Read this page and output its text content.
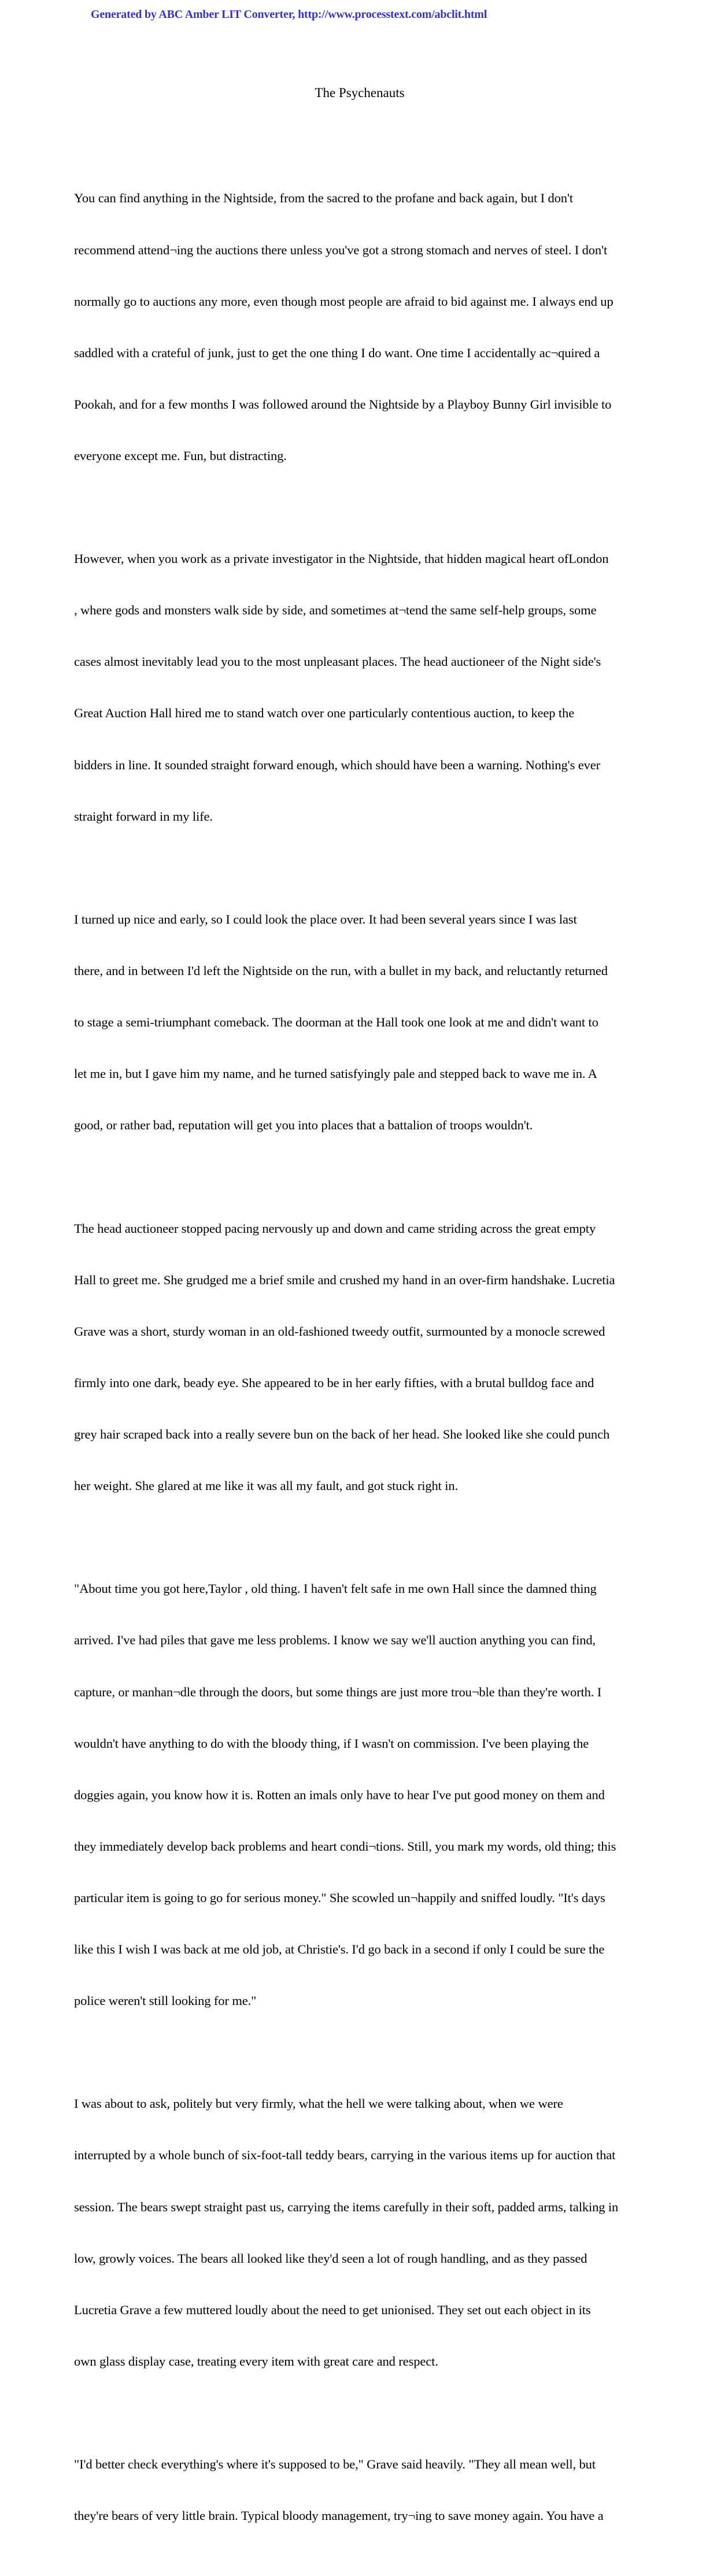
Generated by ABC Amber LIT Converter, http://www.processtext.com/abclit.html
The Psychenauts

You can find anything in the Nightside, from the sacred to the profane and back again, but I don't

recommend attend¬ing the auctions there unless you've got a strong stomach and nerves of steel. I don't

normally go to auctions any more, even though most people are afraid to bid against me. I always end up

saddled with a crateful of junk, just to get the one thing I do want. One time I accidentally ac¬quired a

Pookah, and for a few months I was followed around the Nightside by a Playboy Bunny Girl invisible to

everyone except me. Fun, but distracting.

However, when you work as a private investigator in the Nightside, that hidden magical heart ofLondon

, where gods and monsters walk side by side, and sometimes at¬tend the same self-help groups, some

cases almost inevitably lead you to the most unpleasant places. The head auctioneer of the Night side's

Great Auction Hall hired me to stand watch over one particularly contentious auction, to keep the

bidders in line. It sounded straight forward enough, which should have been a warning. Nothing's ever

straight forward in my life.

I turned up nice and early, so I could look the place over. It had been several years since I was last

there, and in between I'd left the Nightside on the run, with a bullet in my back, and reluctantly returned

to stage a semi-triumphant comeback. The doorman at the Hall took one look at me and didn't want to

let me in, but I gave him my name, and he turned satisfyingly pale and stepped back to wave me in. A

good, or rather bad, reputation will get you into places that a battalion of troops wouldn't.

The head auctioneer stopped pacing nervously up and down and came striding across the great empty

Hall to greet me. She grudged me a brief smile and crushed my hand in an over-firm handshake. Lucretia

Grave was a short, sturdy woman in an old-fashioned tweedy outfit, surmounted by a monocle screwed

firmly into one dark, beady eye. She appeared to be in her early fifties, with a brutal bulldog face and

grey hair scraped back into a really severe bun on the back of her head. She looked like she could punch

her weight. She glared at me like it was all my fault, and got stuck right in.

"About time you got here,Taylor , old thing. I haven't felt safe in me own Hall since the damned thing

arrived. I've had piles that gave me less problems. I know we say we'll auction anything you can find,

capture, or manhan¬dle through the doors, but some things are just more trou¬ble than they're worth. I

wouldn't have anything to do with the bloody thing, if I wasn't on commission. I've been playing the

doggies again, you know how it is. Rotten an imals only have to hear I've put good money on them and

they immediately develop back problems and heart condi¬tions. Still, you mark my words, old thing; this

particular item is going to go for serious money." She scowled un¬happily and sniffed loudly. "It's days

like this I wish I was back at me old job, at Christie's. I'd go back in a second if only I could be sure the

police weren't still looking for me."

I was about to ask, politely but very firmly, what the hell we were talking about, when we were

interrupted by a whole bunch of six-foot-tall teddy bears, carrying in the various items up for auction that

session. The bears swept straight past us, carrying the items carefully in their soft, padded arms, talking in

low, growly voices. The bears all looked like they'd seen a lot of rough handling, and as they passed

Lucretia Grave a few muttered loudly about the need to get unionised. They set out each object in its

own glass display case, treating every item with great care and respect.

"I'd better check everything's where it's supposed to be," Grave said heavily. "They all mean well, but

they're bears of very little brain. Typical bloody management, try¬ing to save money again. You have a
